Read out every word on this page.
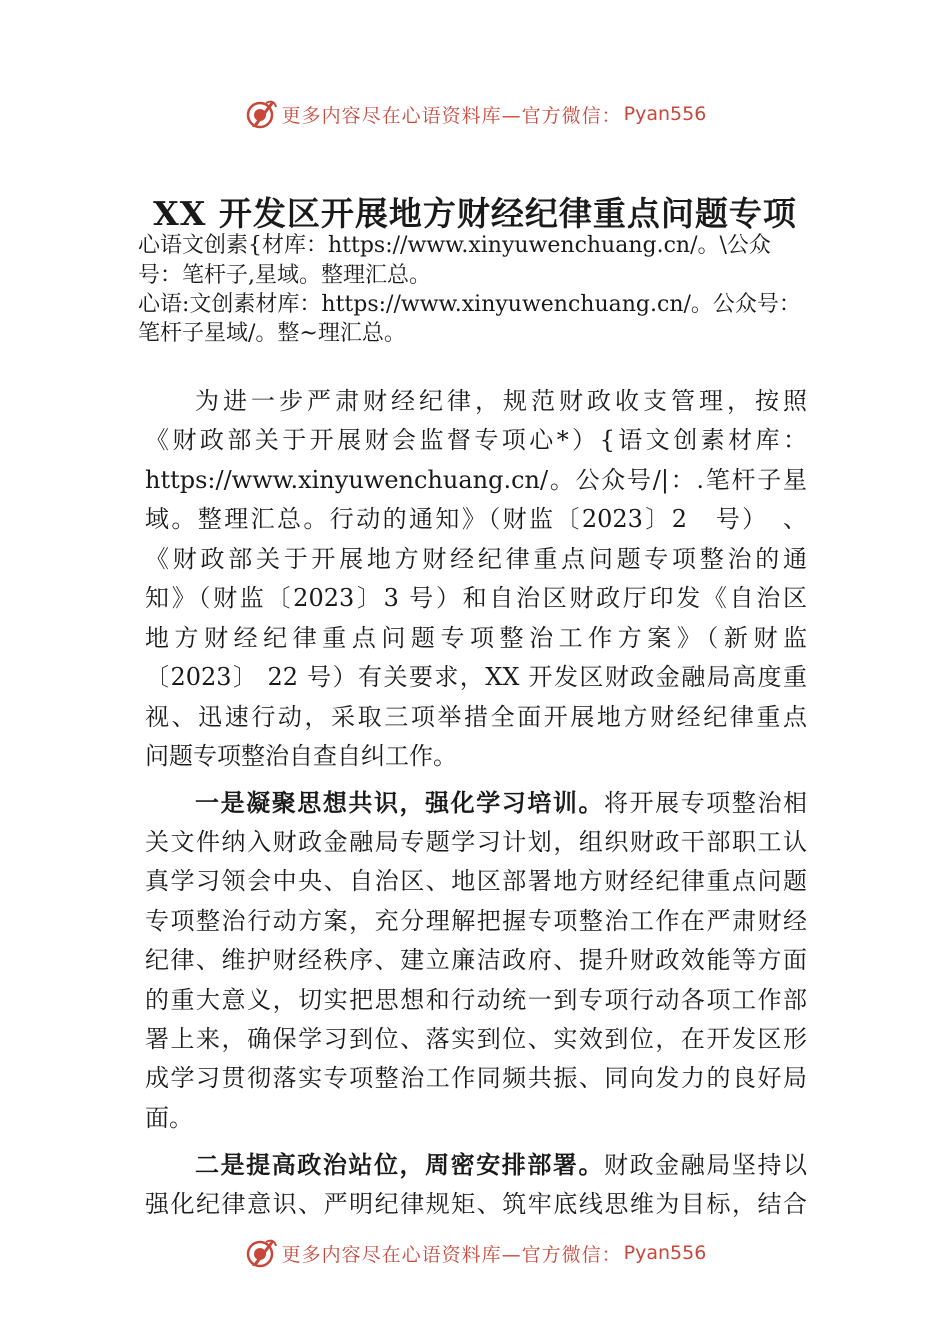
更多内容尽在心语资料库—官方微信： Pyan556
XX 开发区开展地方财经纪律重点问题专项
心语文创素{材库：https://www.xinyuwenchuang.cn/。\公众
号：笔杆子,星域。整理汇总。
心语:文创素材库：https://www.xinyuwenchuang.cn/。公众号：
笔杆子星域/。整~理汇总。
为进一步严肃财经纪律，规范财政收支管理，按照
《财政部关于开展财会监督专项心*）{语文创素材库：
https://www.xinyuwenchuang.cn/。公众号/|：.笔杆子星
域。整理汇总。行动的通知》（财监〔2023〕2　号）　、
《财政部关于开展地方财经纪律重点问题专项整治的通
知》（财监〔2023〕3 号）和自治区财政厅印发《自治区
地方财经纪律重点问题专项整治工作方案》（新财监
〔2023〕 22 号）有关要求，XX 开发区财政金融局高度重
视、迅速行动，采取三项举措全面开展地方财经纪律重点
问题专项整治自查自纠工作。
一是凝聚思想共识，强化学习培训。将开展专项整治相
关文件纳入财政金融局专题学习计划，组织财政干部职工认
真学习领会中央、自治区、地区部署地方财经纪律重点问题
专项整治行动方案，充分理解把握专项整治工作在严肃财经
纪律、维护财经秩序、建立廉洁政府、提升财政效能等方面
的重大意义，切实把思想和行动统一到专项行动各项工作部
署上来，确保学习到位、落实到位、实效到位，在开发区形
成学习贯彻落实专项整治工作同频共振、同向发力的良好局
面。
二是提高政治站位，周密安排部署。财政金融局坚持以
强化纪律意识、严明纪律规矩、筑牢底线思维为目标，结合
更多内容尽在心语资料库—官方微信： Pyan556
